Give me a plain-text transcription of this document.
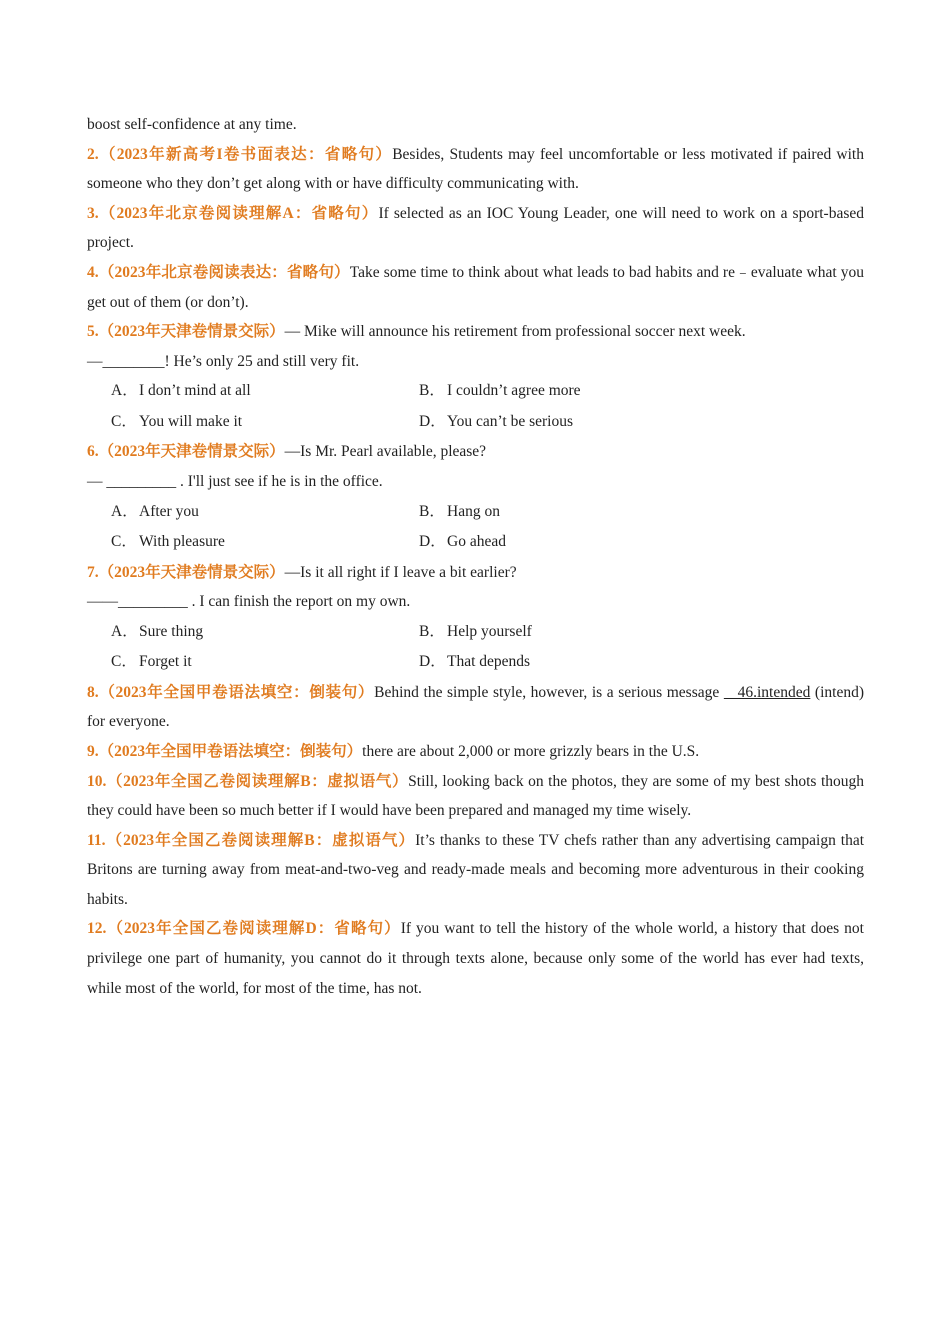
boost self-confidence at any time.

2.（2023年新高考I卷书面表达：省略句）Besides, Students may feel uncomfortable or less motivated if paired with someone who they don’t get along with or have difficulty communicating with.

3.（2023年北京卷阅读理解A：省略句）If selected as an IOC Young Leader, one will need to work on a sport-based project.

4.（2023年北京卷阅读表达：省略句）Take some time to think about what leads to bad habits and re﹣evaluate what you get out of them (or don’t).

5.（2023年天津卷情景交际）— Mike will announce his retirement from professional soccer next week.

—________! He’s only 25 and still very fit.

A．I don’t mind at all	B． I couldn’t agree more
C． You will make it	D．You can’t be serious

6.（2023年天津卷情景交际）—Is Mr. Pearl available, please?

— _________ . I'll just see if he is in the office.

A．After you	B． Hang on
C． With pleasure	D．Go ahead

7.（2023年天津卷情景交际）—Is it all right if I leave a bit earlier?

——_________ . I can finish the report on my own.

A．Sure thing	B． Help yourself
C． Forget it	D．That depends

8.（2023年全国甲卷语法填空：倒装句）Behind the simple style, however, is a serious message    46.intended (intend) for everyone.

9.（2023年全国甲卷语法填空：倒装句）there are about 2,000 or more grizzly bears in the U.S.

10.（2023年全国乙卷阅读理解B：虚拟语气）Still, looking back on the photos, they are some of my best shots though they could have been so much better if I would have been prepared and managed my time wisely.

11.（2023年全国乙卷阅读理解B：虚拟语气）It’s thanks to these TV chefs rather than any advertising campaign that Britons are turning away from meat-and-two-veg and ready-made meals and becoming more adventurous in their cooking habits.

12.（2023年全国乙卷阅读理解D：省略句）If you want to tell the history of the whole world, a history that does not privilege one part of humanity, you cannot do it through texts alone, because only some of the world has ever had texts, while most of the world, for most of the time, has not.
